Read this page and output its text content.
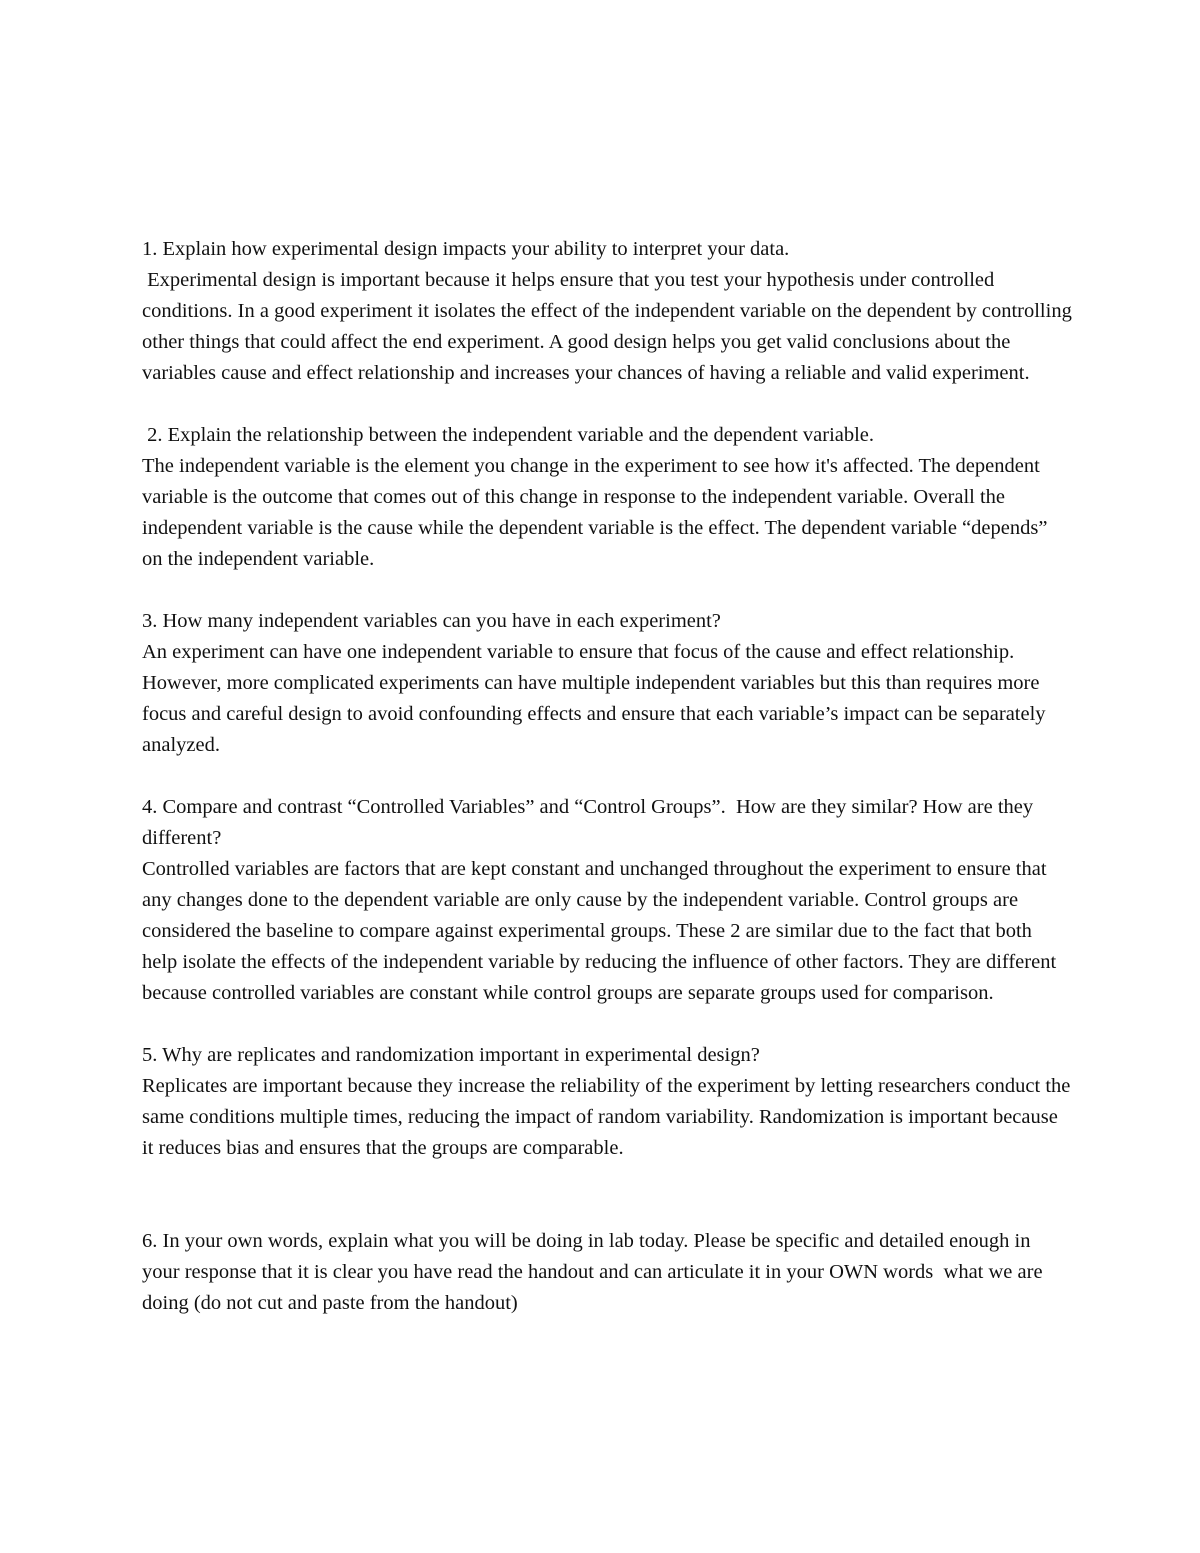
1. Explain how experimental design impacts your ability to interpret your data.

Experimental design is important because it helps ensure that you test your hypothesis under controlled conditions. In a good experiment it isolates the effect of the independent variable on the dependent by controlling other things that could affect the end experiment. A good design helps you get valid conclusions about the variables cause and effect relationship and increases your chances of having a reliable and valid experiment.

2. Explain the relationship between the independent variable and the dependent variable.

The independent variable is the element you change in the experiment to see how it's affected. The dependent variable is the outcome that comes out of this change in response to the independent variable. Overall the independent variable is the cause while the dependent variable is the effect. The dependent variable “depends” on the independent variable.

3. How many independent variables can you have in each experiment?

An experiment can have one independent variable to ensure that focus of the cause and effect relationship. However, more complicated experiments can have multiple independent variables but this than requires more focus and careful design to avoid confounding effects and ensure that each variable’s impact can be separately analyzed.

4. Compare and contrast “Controlled Variables” and “Control Groups”.  How are they similar? How are they different?

Controlled variables are factors that are kept constant and unchanged throughout the experiment to ensure that any changes done to the dependent variable are only cause by the independent variable. Control groups are considered the baseline to compare against experimental groups. These 2 are similar due to the fact that both help isolate the effects of the independent variable by reducing the influence of other factors. They are different because controlled variables are constant while control groups are separate groups used for comparison.

5. Why are replicates and randomization important in experimental design?

Replicates are important because they increase the reliability of the experiment by letting researchers conduct the same conditions multiple times, reducing the impact of random variability. Randomization is important because it reduces bias and ensures that the groups are comparable.

6. In your own words, explain what you will be doing in lab today. Please be specific and detailed enough in your response that it is clear you have read the handout and can articulate it in your OWN words  what we are doing (do not cut and paste from the handout)
